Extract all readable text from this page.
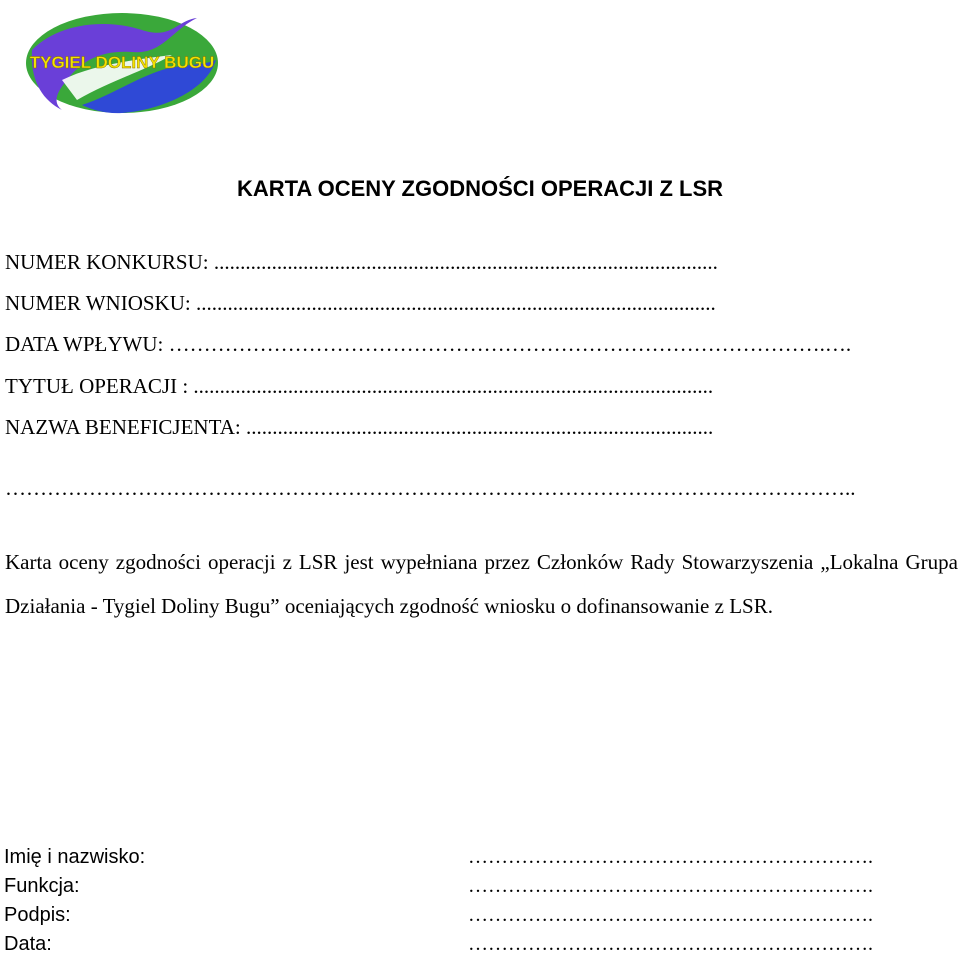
TYGIEL DOLINY BUGU
KARTA OCENY ZGODNOŚCI OPERACJI Z LSR
NUMER KONKURSU: ................................................................................................
NUMER WNIOSKU: ...................................................................................................
DATA WPŁYWU: ………………………………………………………………………………….….
TYTUŁ OPERACJI : ...................................................................................................
NAZWA BENEFICJENTA: .........................................................................................
…………………………………………………………………………………………………………..
Karta oceny zgodności operacji z LSR jest wypełniana przez Członków Rady Stowarzyszenia „Lokalna Grupa Działania - Tygiel Doliny Bugu” oceniających zgodność wniosku o dofinansowanie z LSR.
Imię i nazwisko:	…………………………………………………….
Funkcja:	…………………………………………………….
Podpis:	…………………………………………………….
Data:	…………………………………………………….
